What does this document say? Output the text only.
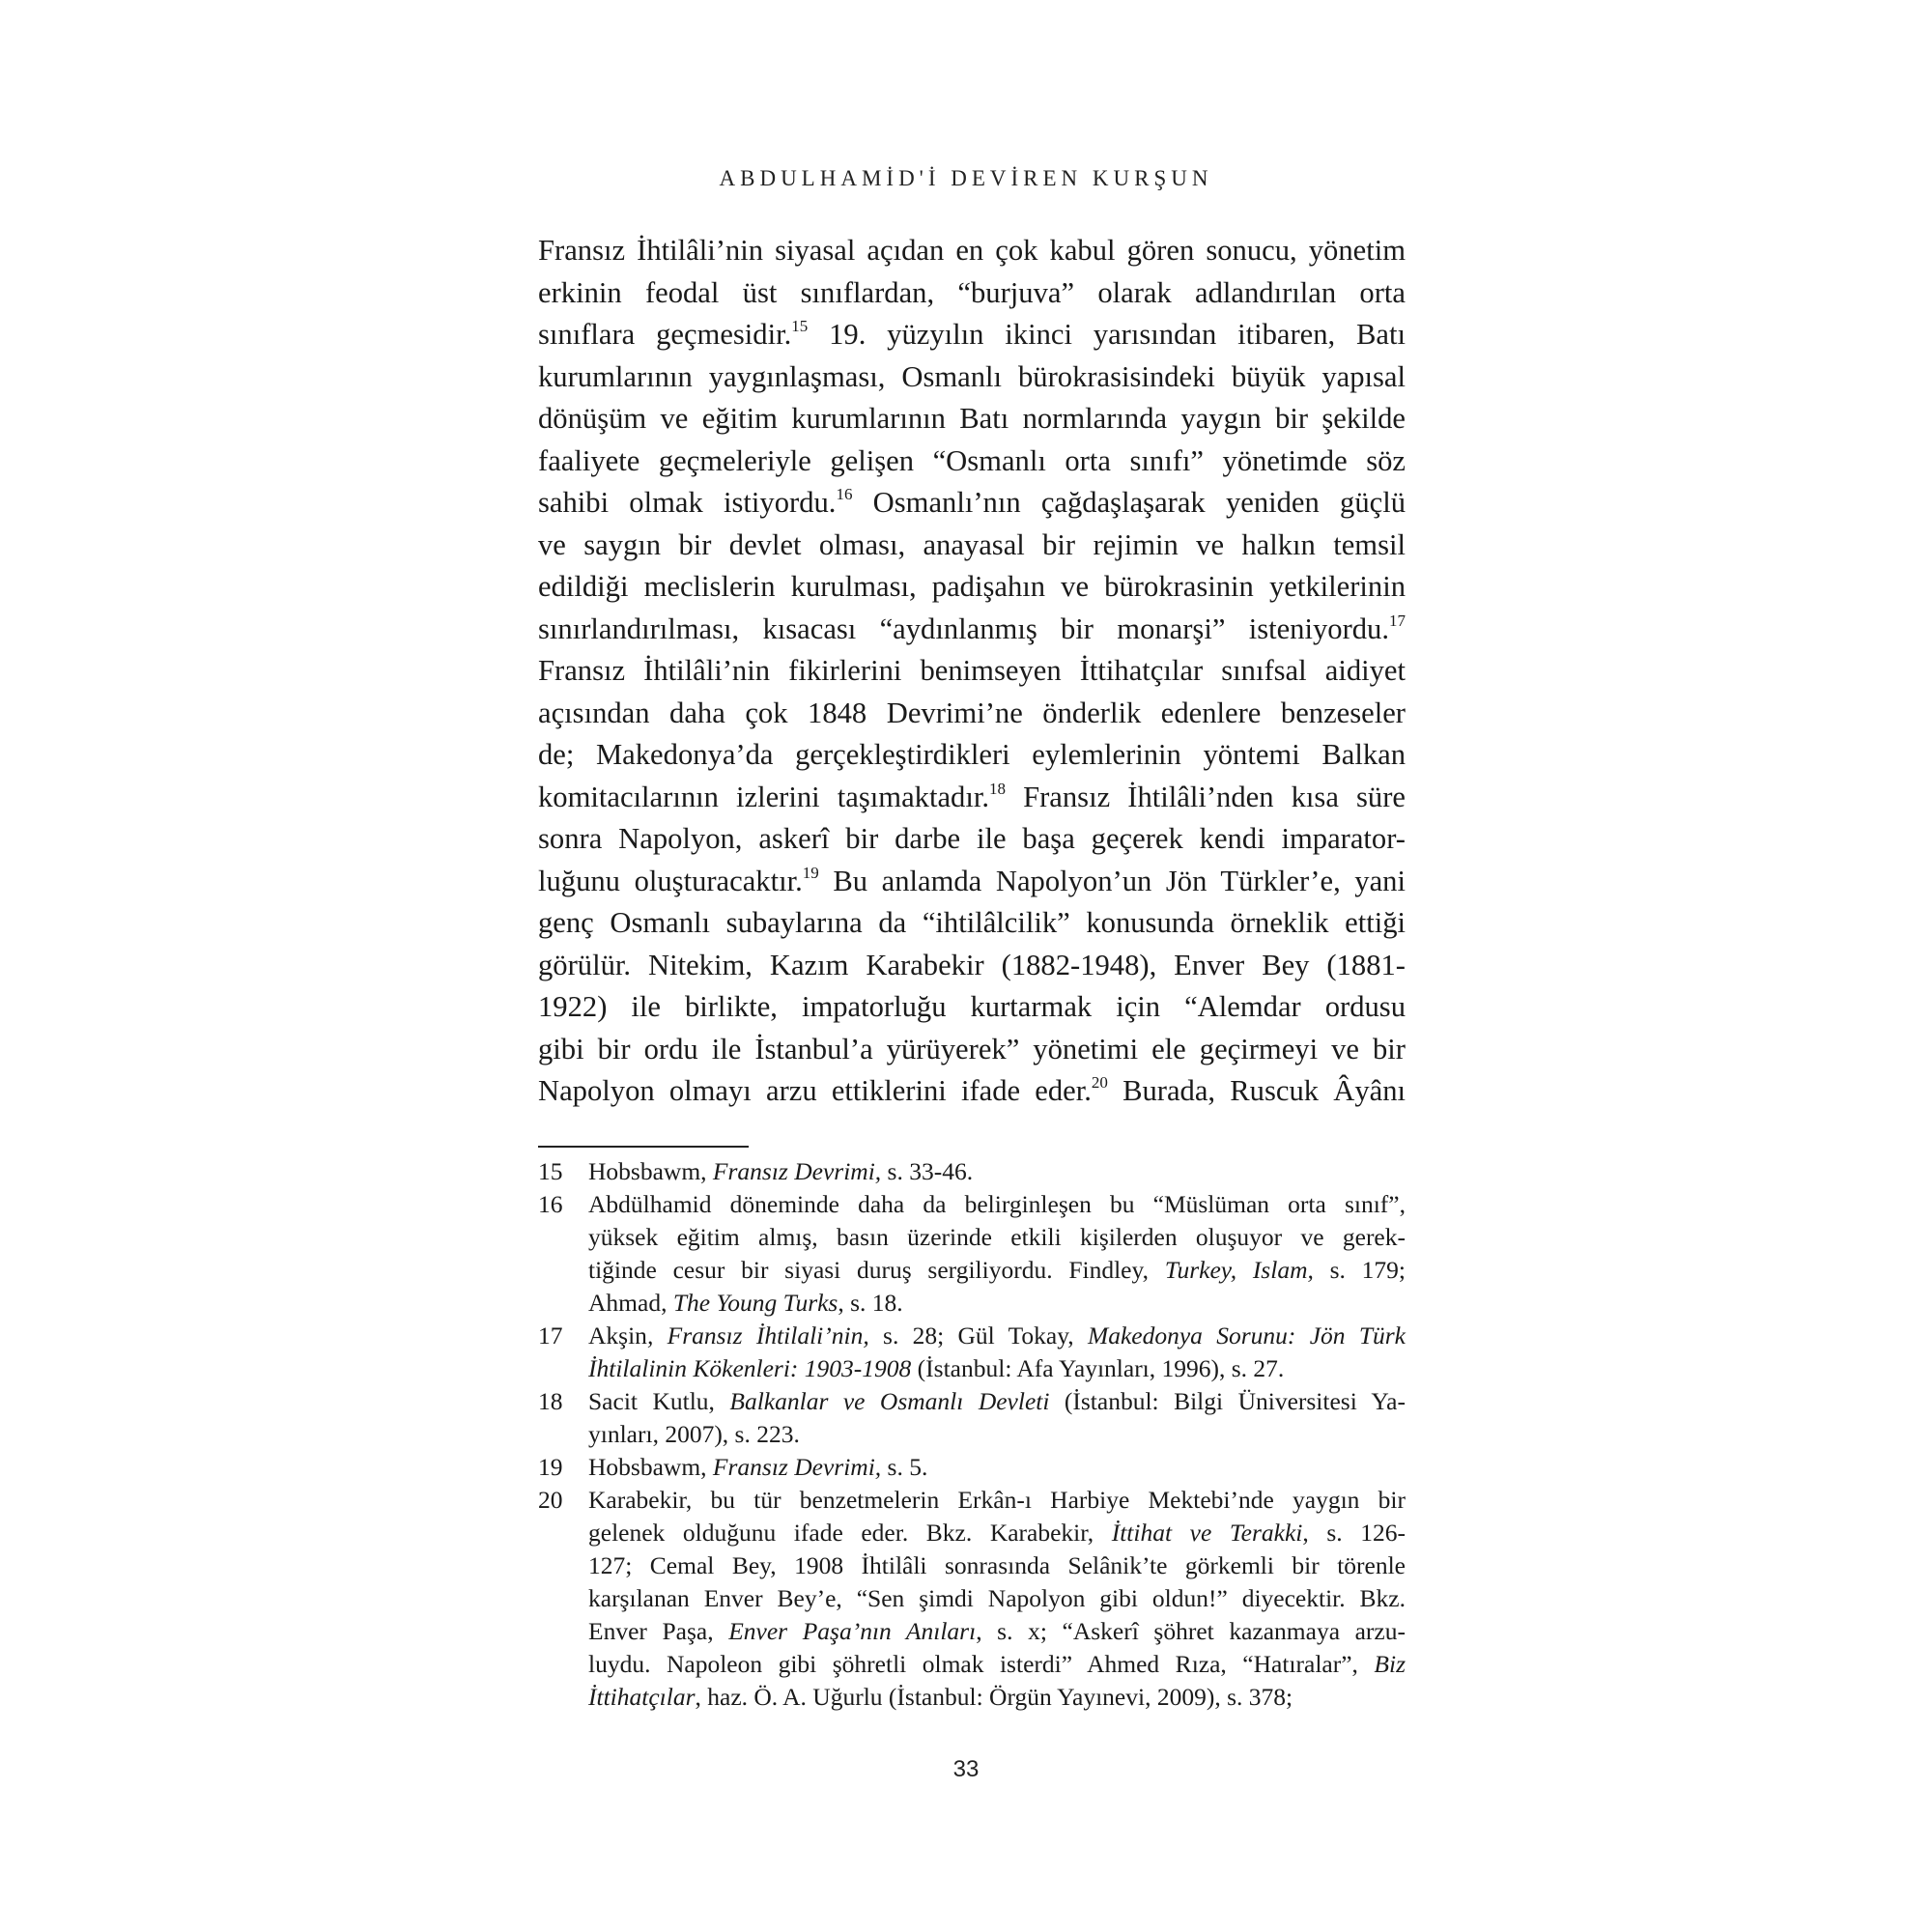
ABDULHAMİD'İ DEVİREN KURŞUN
Fransız İhtilâli’nin siyasal açıdan en çok kabul gören sonucu, yönetim
erkinin feodal üst sınıflardan, “burjuva” olarak adlandırılan orta
sınıflara geçmesidir.$^{15}$ 19. yüzyılın ikinci yarısından itibaren, Batı
kurumlarının yaygınlaşması, Osmanlı bürokrasisindeki büyük yapısal
dönüşüm ve eğitim kurumlarının Batı normlarında yaygın bir şekilde
faaliyete geçmeleriyle gelişen “Osmanlı orta sınıfı” yönetimde söz
sahibi olmak istiyordu.$^{16}$ Osmanlı’nın çağdaşlaşarak yeniden güçlü
ve saygın bir devlet olması, anayasal bir rejimin ve halkın temsil
edildiği meclislerin kurulması, padişahın ve bürokrasinin yetkilerinin
sınırlandırılması, kısacası “aydınlanmış bir monarşi” isteniyordu.$^{17}$
Fransız İhtilâli’nin fikirlerini benimseyen İttihatçılar sınıfsal aidiyet
açısından daha çok 1848 Devrimi’ne önderlik edenlere benzeseler
de; Makedonya’da gerçekleştirdikleri eylemlerinin yöntemi Balkan
komitacılarının izlerini taşımaktadır.$^{18}$ Fransız İhtilâli’nden kısa süre
sonra Napolyon, askerî bir darbe ile başa geçerek kendi imparator-
luğunu oluşturacaktır.$^{19}$ Bu anlamda Napolyon’un Jön Türkler’e, yani
genç Osmanlı subaylarına da “ihtilâlcilik” konusunda örneklik ettiği
görülür. Nitekim, Kazım Karabekir (1882-1948), Enver Bey (1881-
1922) ile birlikte, impatorluğu kurtarmak için “Alemdar ordusu
gibi bir ordu ile İstanbul’a yürüyerek” yönetimi ele geçirmeyi ve bir
Napolyon olmayı arzu ettiklerini ifade eder.$^{20}$ Burada, Ruscuk Âyânı
15 Hobsbawm, Fransız Devrimi, s. 33-46.
16 Abdülhamid döneminde daha da belirginleşen bu “Müslüman orta sınıf”,
yüksek eğitim almış, basın üzerinde etkili kişilerden oluşuyor ve gerek-
tiğinde cesur bir siyasi duruş sergiliyordu. Findley, Turkey, Islam, s. 179;
Ahmad, The Young Turks, s. 18.
17 Akşin, Fransız İhtilali’nin, s. 28; Gül Tokay, Makedonya Sorunu: Jön Türk
İhtilalinin Kökenleri: 1903-1908 (İstanbul: Afa Yayınları, 1996), s. 27.
18 Sacit Kutlu, Balkanlar ve Osmanlı Devleti (İstanbul: Bilgi Üniversitesi Ya-
yınları, 2007), s. 223.
19 Hobsbawm, Fransız Devrimi, s. 5.
20 Karabekir, bu tür benzetmelerin Erkân-ı Harbiye Mektebi’nde yaygın bir
gelenek olduğunu ifade eder. Bkz. Karabekir, İttihat ve Terakki, s. 126-
127; Cemal Bey, 1908 İhtilâli sonrasında Selânik’te görkemli bir törenle
karşılanan Enver Bey’e, “Sen şimdi Napolyon gibi oldun!” diyecektir. Bkz.
Enver Paşa, Enver Paşa’nın Anıları, s. x; “Askerî şöhret kazanmaya arzu-
luydu. Napoleon gibi şöhretli olmak isterdi” Ahmed Rıza, “Hatıralar”, Biz
İttihatçılar, haz. Ö. A. Uğurlu (İstanbul: Örgün Yayınevi, 2009), s. 378;
33
